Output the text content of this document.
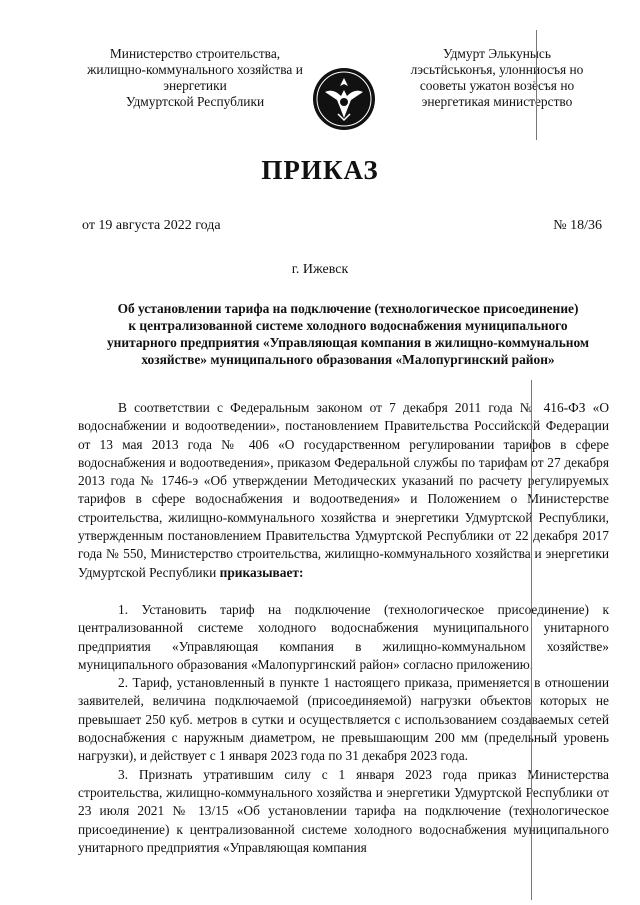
Министерство строительства,
жилищно-коммунального хозяйства и
энергетики
Удмуртской Республики
Удмурт Элькунысь
лэсьтӥськонъя, улонниосъя но
сооветы ужатон возёсъя но
энергетикая министерство
ПРИКАЗ
от 19 августа 2022 года	№ 18/36
г. Ижевск
Об установлении тарифа на подключение (технологическое присоединение)
к централизованной системе холодного водоснабжения муниципального
унитарного предприятия «Управляющая компания в жилищно-коммунальном
хозяйстве» муниципального образования «Малопургинский район»

В соответствии с Федеральным законом от 7 декабря 2011 года № 416-ФЗ «О водоснабжении и водоотведении», постановлением Правительства Российской Федерации от 13 мая 2013 года № 406 «О государственном регулировании тарифов в сфере водоснабжения и водоотведения», приказом Федеральной службы по тарифам от 27 декабря 2013 года № 1746-э «Об утверждении Методических указаний по расчету регулируемых тарифов в сфере водоснабжения и водоотведения» и Положением о Министерстве строительства, жилищно-коммунального хозяйства и энергетики Удмуртской Республики, утвержденным постановлением Правительства Удмуртской Республики от 22 декабря 2017 года № 550, Министерство строительства, жилищно-коммунального хозяйства и энергетики Удмуртской Республики приказывает:

1. Установить тариф на подключение (технологическое присоединение) к централизованной системе холодного водоснабжения муниципального унитарного предприятия «Управляющая компания в жилищно-коммунальном хозяйстве» муниципального образования «Малопургинский район» согласно приложению.

2. Тариф, установленный в пункте 1 настоящего приказа, применяется в отношении заявителей, величина подключаемой (присоединяемой) нагрузки объектов которых не превышает 250 куб. метров в сутки и осуществляется с использованием создаваемых сетей водоснабжения с наружным диаметром, не превышающим 200 мм (предельный уровень нагрузки), и действует с 1 января 2023 года по 31 декабря 2023 года.

3. Признать утратившим силу с 1 января 2023 года приказ Министерства строительства, жилищно-коммунального хозяйства и энергетики Удмуртской Республики от 23 июля 2021 № 13/15 «Об установлении тарифа на подключение (технологическое присоединение) к централизованной системе холодного водоснабжения муниципального унитарного предприятия «Управляющая компания
